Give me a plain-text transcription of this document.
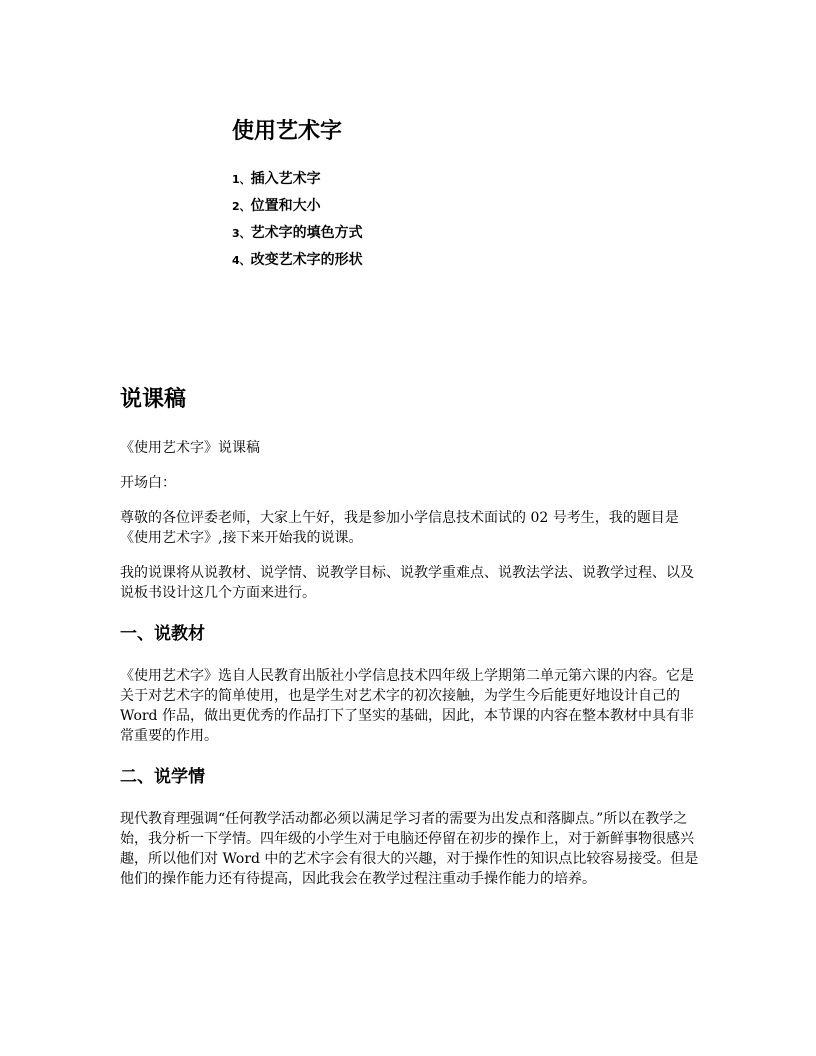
使用艺术字
1、插入艺术字
2、位置和大小
3、艺术字的填色方式
4、改变艺术字的形状
说课稿

《使用艺术字》说课稿

开场白：

尊敬的各位评委老师，大家上午好，我是参加小学信息技术面试的 02 号考生，我的题目是《使用艺术字》,接下来开始我的说课。

我的说课将从说教材、说学情、说教学目标、说教学重难点、说教法学法、说教学过程、以及说板书设计这几个方面来进行。

一、说教材

《使用艺术字》选自人民教育出版社小学信息技术四年级上学期第二单元第六课的内容。它是关于对艺术字的简单使用，也是学生对艺术字的初次接触，为学生今后能更好地设计自己的 Word 作品，做出更优秀的作品打下了坚实的基础，因此，本节课的内容在整本教材中具有非常重要的作用。

二、说学情

现代教育理强调“任何教学活动都必须以满足学习者的需要为出发点和落脚点。”所以在教学之始，我分析一下学情。四年级的小学生对于电脑还停留在初步的操作上，对于新鲜事物很感兴趣，所以他们对 Word 中的艺术字会有很大的兴趣，对于操作性的知识点比较容易接受。但是他们的操作能力还有待提高，因此我会在教学过程注重动手操作能力的培养。
